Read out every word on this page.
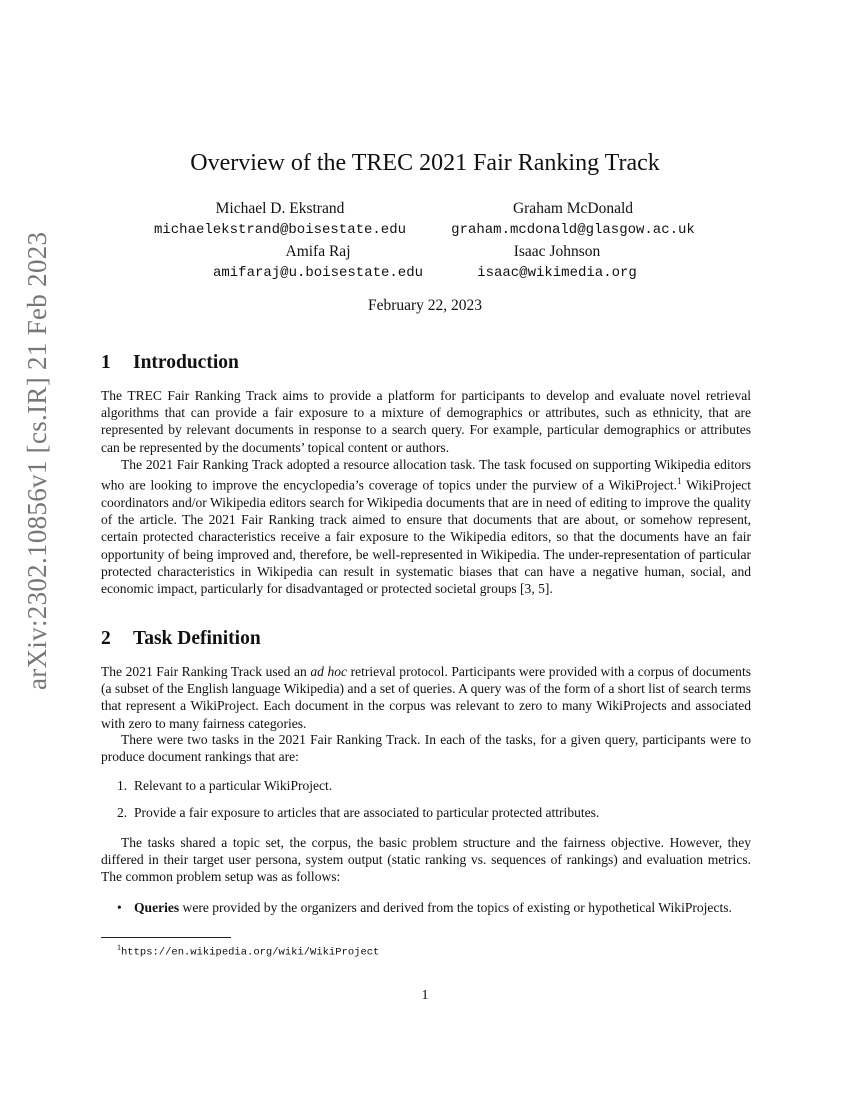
arXiv:2302.10856v1 [cs.IR] 21 Feb 2023
Overview of the TREC 2021 Fair Ranking Track
Michael D. Ekstrand
michaelekstrand@boisestate.edu
Graham McDonald
graham.mcdonald@glasgow.ac.uk
Amifa Raj
amifaraj@u.boisestate.edu
Isaac Johnson
isaac@wikimedia.org
February 22, 2023
1 Introduction
The TREC Fair Ranking Track aims to provide a platform for participants to develop and evaluate novel retrieval algorithms that can provide a fair exposure to a mixture of demographics or attributes, such as ethnicity, that are represented by relevant documents in response to a search query. For example, particular demographics or attributes can be represented by the documents’ topical content or authors.
The 2021 Fair Ranking Track adopted a resource allocation task. The task focused on supporting Wikipedia editors who are looking to improve the encyclopedia’s coverage of topics under the purview of a WikiProject.$^1$ WikiProject coordinators and/or Wikipedia editors search for Wikipedia documents that are in need of editing to improve the quality of the article. The 2021 Fair Ranking track aimed to ensure that documents that are about, or somehow represent, certain protected characteristics receive a fair exposure to the Wikipedia editors, so that the documents have an fair opportunity of being improved and, therefore, be well-represented in Wikipedia. The under-representation of particular protected characteristics in Wikipedia can result in systematic biases that can have a negative human, social, and economic impact, particularly for disadvantaged or protected societal groups [3, 5].
2 Task Definition
The 2021 Fair Ranking Track used an ad hoc retrieval protocol. Participants were provided with a corpus of documents (a subset of the English language Wikipedia) and a set of queries. A query was of the form of a short list of search terms that represent a WikiProject. Each document in the corpus was relevant to zero to many WikiProjects and associated with zero to many fairness categories.
There were two tasks in the 2021 Fair Ranking Track. In each of the tasks, for a given query, participants were to produce document rankings that are:
1. Relevant to a particular WikiProject.
2. Provide a fair exposure to articles that are associated to particular protected attributes.
The tasks shared a topic set, the corpus, the basic problem structure and the fairness objective. However, they differed in their target user persona, system output (static ranking vs. sequences of rankings) and evaluation metrics. The common problem setup was as follows:
• Queries were provided by the organizers and derived from the topics of existing or hypothetical WikiProjects.
$^1$https://en.wikipedia.org/wiki/WikiProject
1
